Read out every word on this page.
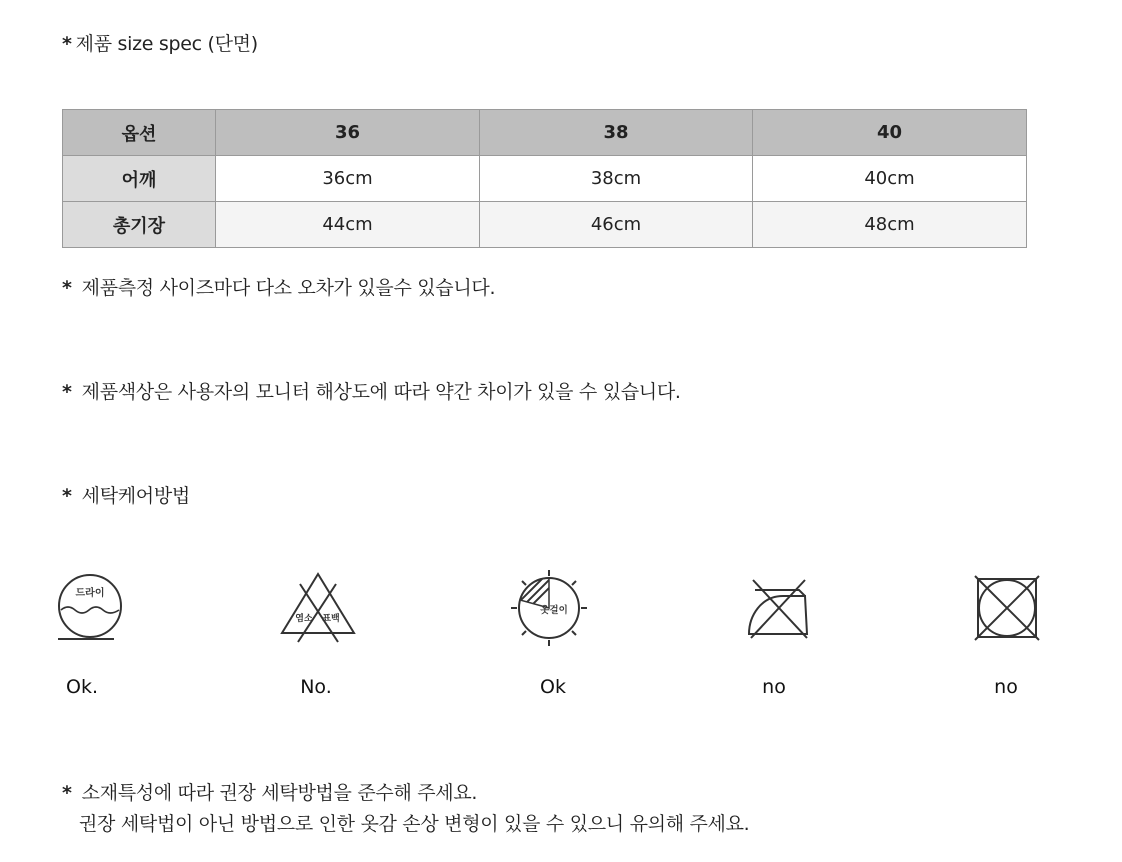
* 제품 size spec (단면)
옵션	36	38	40
어깨	36cm	38cm	40cm
총기장	44cm	46cm	48cm
* 제품측정 사이즈마다 다소 오차가 있을수 있습니다.
* 제품색상은 사용자의 모니터 해상도에 따라 약간 차이가 있을 수 있습니다.
* 세탁케어방법
드라이
염소 표백
옷걸이
Ok.	No.	Ok	no	no
* 소재특성에 따라 권장 세탁방법을 준수해 주세요.
권장 세탁법이 아닌 방법으로 인한 옷감 손상 변형이 있을 수 있으니 유의해 주세요.
